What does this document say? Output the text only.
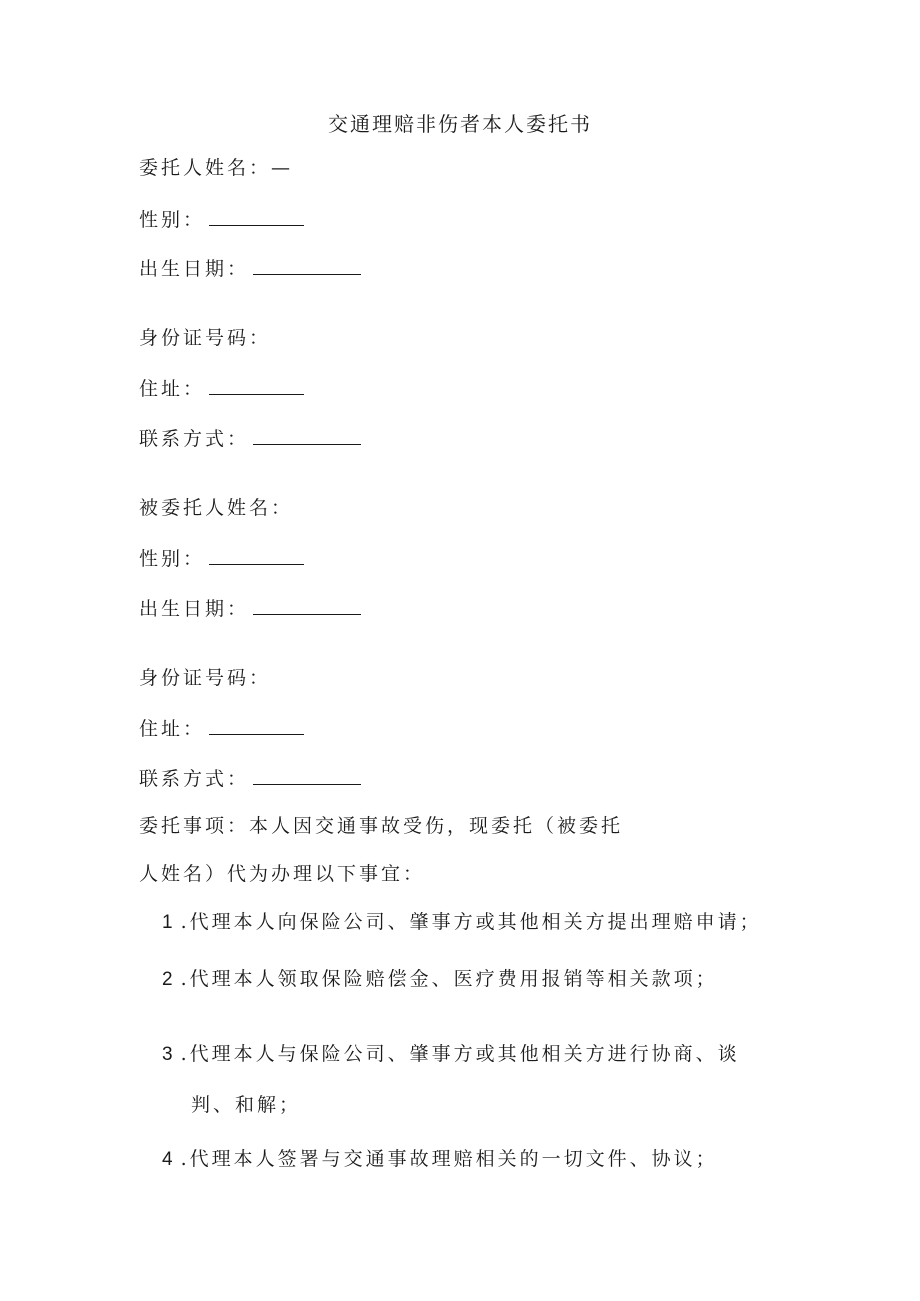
交通理赔非伤者本人委托书
委托人姓名：—
性别：
出生日期：
身份证号码：
住址：
联系方式：
被委托人姓名：
性别：
出生日期：
身份证号码：
住址：
联系方式：
委托事项：本人因交通事故受伤，现委托（被委托
人姓名）代为办理以下事宜：
1 .代理本人向保险公司、肇事方或其他相关方提出理赔申请；
2 .代理本人领取保险赔偿金、医疗费用报销等相关款项；
3 .代理本人与保险公司、肇事方或其他相关方进行协商、谈
判、和解；
4 .代理本人签署与交通事故理赔相关的一切文件、协议；
